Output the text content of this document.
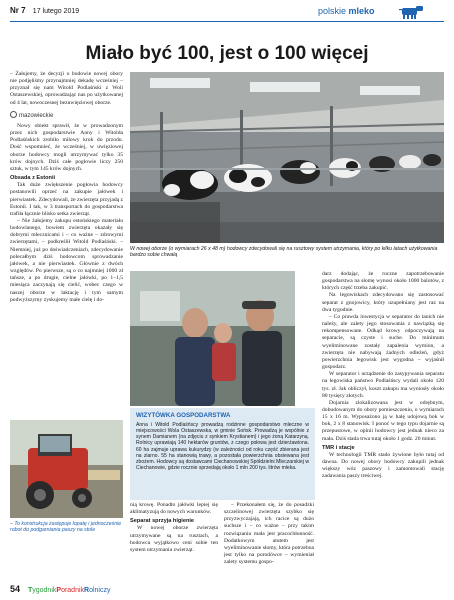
Nr 7 17 lutego 2019	polskie mleko
Miało być 100, jest o 100 więcej

– Żałujemy, że decyzji o budowie nowej obory nie podjęliśmy przynajmniej dekadę wcześniej – przyznał się nam Witold Podlaśński z Woli Ostaszewskiej, oprowadzając nas po użytkowanej od 4 lat, nowoczesnej bezuwięziowej oborze.

mazowieckie

Nowy obiekt sprawił, że w prowadzonym przez nich gospodarstwie Anny i Witolda Podlaśńskich zrobiło milowy krok do przodu. Dość wspomnieć, że wcześniej, w uwięziowej oborze hodowcy mogli utrzymywać tylko 35 krów dojnych. Dziś całe pogłowie liczy 250 sztuk, w tym 145 krów dojnych.

Obsada z Estonii

Tak duże zwiększenie pogłowia hodowcy postanowili oprzeć na zakupie jałówek i pierwiastek. Zdecydowali, że zwierzęta przyjadą z Estonii. I tak, w 3 transportach do gospodarstwa trafiła łącznie blisko setka zwierząt.

– Nie żałujemy zakupu estońskiego materiału hodowlanego, bowiem zwierzęta okazały się dobrymi mlecznicami i – co ważne – zdrowymi zwierzętami, – podkreślił Witold Podlaśński. – Niemniej, już po doświadczeniach, zdecydowanie polecałbym dziś hodowcom sprowadzanie jałówek, a nie pierwiastek. Głównie z dwóch względów. Po pierwsze, są o co najmniej 1000 zł tańsze, a po drugie, cielne jałówki, po 1–1,5 miesiąca zaczynają się cielić, wobec czego w naszej oborze w laktację i tym samym podwyższymy zyskujemy małe cielę i do-

W nowej oborze (o wymiarach 26 x 48 m) hodowcy zdecydowali się na rusztowy system utrzymania, który po kilku latach użytkowania bardzo sobie chwalą
WIZYTÓWKA GOSPODARSTWA
Anna i Witold Podlaśńscy prowadzą rodzinne gospodarstwo mleczne w miejscowości Wola Ostaszewska, w gminie Sońsk. Prowadzą je wspólnie z synem Damianem (na zdjęciu z synkiem Krystianem) i jego żoną Katarzyną. Rolnicy uprawiają 140 hektarów gruntów, z czego połowa jest dzierżawiona. 60 ha zajmuje uprawa kukurydzy (w zależności od roku część zbierana jest na ziarno. 55 ha stanowią trawy, a pozostała powierzchnia obsiewana jest zbożem. Hodowcy są dostawcami Ciechanowskiej Spółdzielni Mleczarskiej w Ciechanowie, gdzie rocznie sprzedają około 1 mln 200 tys. litrów mleka.
– To konstrukcja zastępuje łopatę i jednocześnie robot do podgarniania paszy na stole

nią krowę. Ponadto jałówki lepiej się aklimatyzują do nowych warunków.

Separat sprzyja higienie

W nowej oborze zwierzęta utrzymywane są na rusztach, a hodowca wyjątkowo ceni sobie ten system utrzymania zwierząt.

– Przekonałem się, że do posadzki szczelinowej zwierzęta szybko się przyzwyczajają, ich racice są dużo suchsze i – co ważne – przy takim rozwiązaniu mała jest pracochłonność. Dodatkowym atutem jest wyeliminowanie słomy, która potrzebna jest tylko na porodówce – wymieniał zalety systemu gospo-

darz dodając, że roczne zapotrzebowanie gospodarstwa na słomę wynosi około 1000 balotów, z których część trzeba zakupić.

Na legowiskach zdecydowano się zastosować separat z gnojowicy, który uzupełniany jest raz na dwa tygodnie.

– Co prawda inwestycja w separator do tanich nie należy, ale zalety jego stosowania z nawiązką się rekompensowane. Odkąd krowy odpoczywają na separacie, są czyste i suche. Do minimum wyeliminowane zostały zapalenia wymion, a zwierzęta nie nabywają żadnych odleżeń, gdyż powierzchnia legowisk jest wygodna – wyjaśnił gospodarz.

W separator i urządzenie do zasypywania separatu na legowiska państwo Podlaśńscy wydali około 120 tys. zł. Jak obliczył, koszt zakupu ma wyniosły około 80 tysięcy złotych.

Dojarnia zlokalizowana jest w odrębnym, dobudowanym do obory pomieszczeniu, o wymiarach 15 x 16 m. Wyposażono ją w halę udojową bok w bok, 2 x 8 stanowisk. I ponoć w tego typu dojarnie są przepustowe, w opinii hodowcy jest jednak nieco za mała. Dziś stada trwa tutaj około 1 godz. 20 minut.

TMR i stacje

W technologii TMR stado żywione było tutaj od dawna. Do nowej obory hodowcy zakupili jednak większy wóz paszowy i zamontowali stację zadawania paszy treściwej.

54 TygodnikPoradnikRolniczy
